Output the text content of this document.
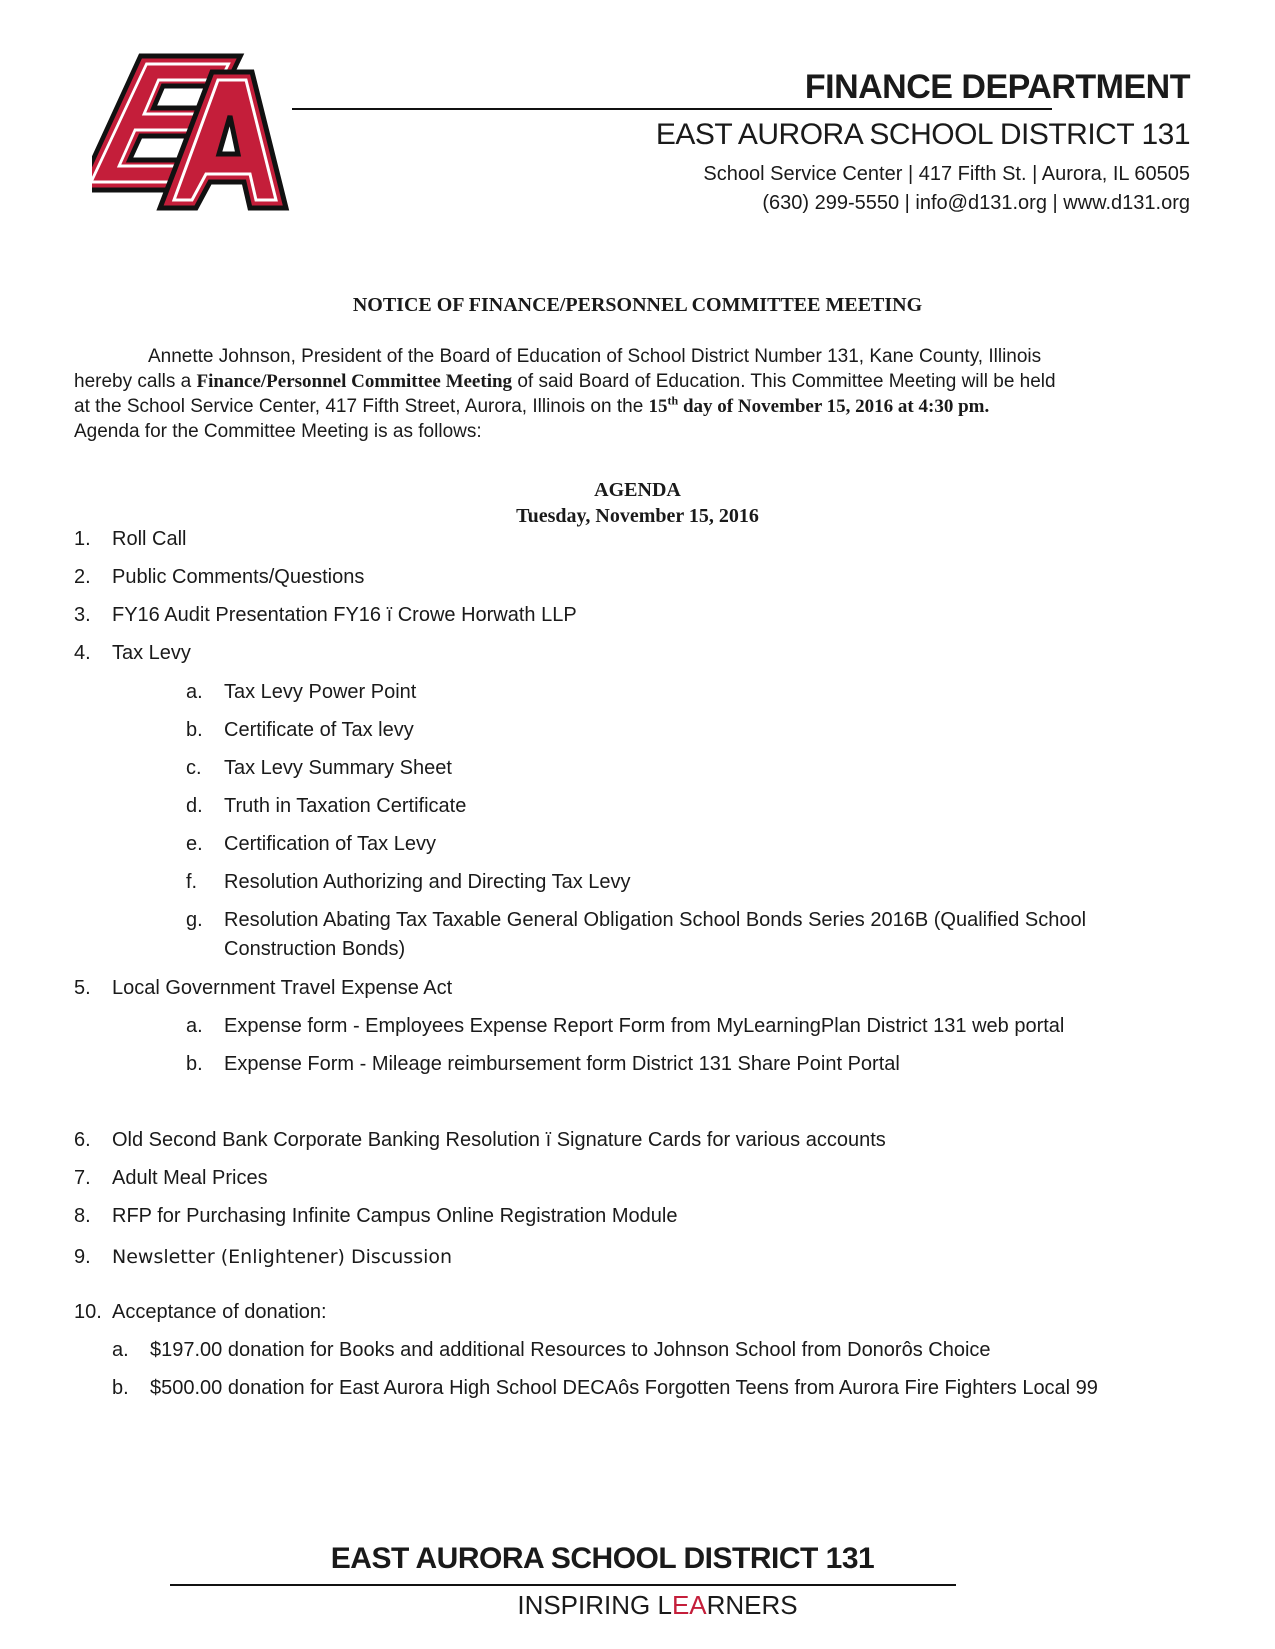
FINANCE DEPARTMENT
EAST AURORA SCHOOL DISTRICT 131
School Service Center | 417 Fifth St. | Aurora, IL 60505
(630) 299-5550 | info@d131.org | www.d131.org
NOTICE OF FINANCE/PERSONNEL COMMITTEE MEETING
Annette Johnson, President of the Board of Education of School District Number 131, Kane County, Illinois
hereby calls a Finance/Personnel Committee Meeting of said Board of Education. This Committee Meeting will be held
at the School Service Center, 417 Fifth Street, Aurora, Illinois on the 15th day of November 15, 2016 at 4:30 pm.
Agenda for the Committee Meeting is as follows:
AGENDA
Tuesday, November 15, 2016
1. Roll Call
2. Public Comments/Questions
3. FY16 Audit Presentation FY16 ï Crowe Horwath LLP
4. Tax Levy
a. Tax Levy Power Point
b. Certificate of Tax levy
c. Tax Levy Summary Sheet
d. Truth in Taxation Certificate
e. Certification of Tax Levy
f. Resolution Authorizing and Directing Tax Levy
g. Resolution Abating Tax Taxable General Obligation School Bonds Series 2016B (Qualified School
Construction Bonds)
5. Local Government Travel Expense Act
a. Expense form - Employees Expense Report Form from MyLearningPlan District 131 web portal
b. Expense Form - Mileage reimbursement form District 131 Share Point Portal
6. Old Second Bank Corporate Banking Resolution ï Signature Cards for various accounts
7. Adult Meal Prices
8. RFP for Purchasing Infinite Campus Online Registration Module
9. Newsletter (Enlightener) Discussion
10. Acceptance of donation:
a. $197.00 donation for Books and additional Resources to Johnson School from Donorôs Choice
b. $500.00 donation for East Aurora High School DECAôs Forgotten Teens from Aurora Fire Fighters Local 99
EAST AURORA SCHOOL DISTRICT 131
INSPIRING LEARNERS
